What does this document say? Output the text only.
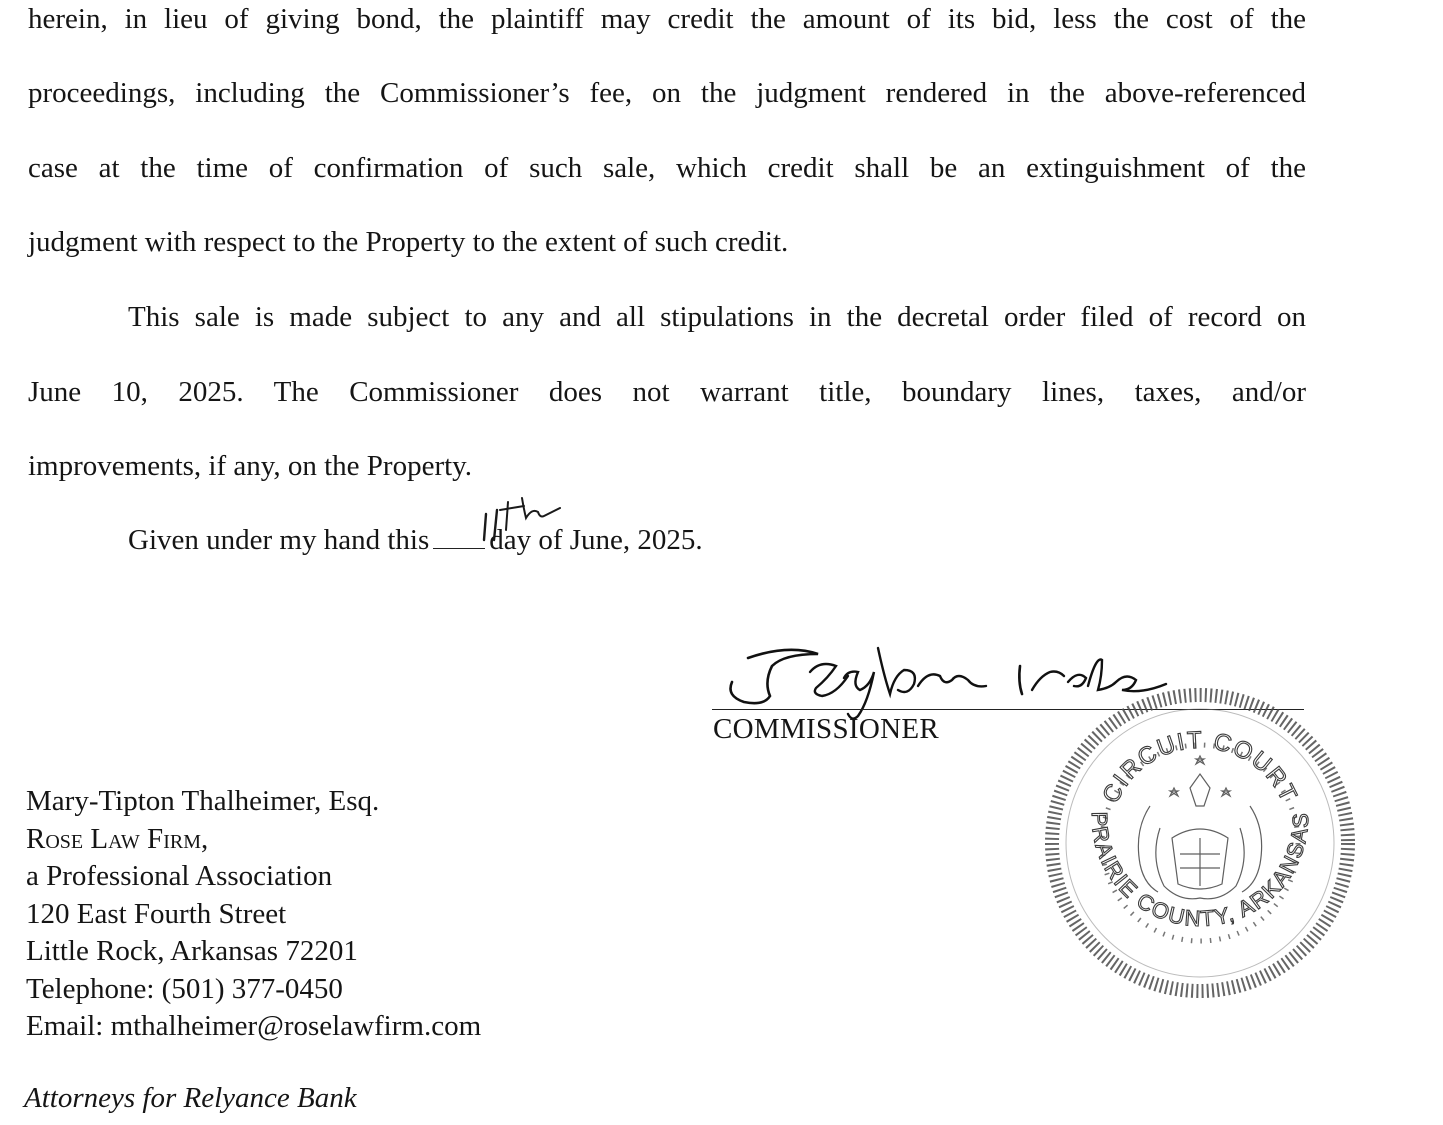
herein, in lieu of giving bond, the plaintiff may credit the amount of its bid, less the cost of the
proceedings, including the Commissioner’s fee, on the judgment rendered in the above-referenced
case at the time of confirmation of such sale, which credit shall be an extinguishment of the
judgment with respect to the Property to the extent of such credit.
This sale is made subject to any and all stipulations in the decretal order filed of record on
June 10, 2025. The Commissioner does not warrant title, boundary lines, taxes, and/or
improvements, if any, on the Property.
Given under my hand this day of June, 2025.
COMMISSIONER
CIRCUIT COURT
PRAIRIE COUNTY, ARKANSAS
Mary-Tipton Thalheimer, Esq.
Rose Law Firm,
a Professional Association
120 East Fourth Street
Little Rock, Arkansas 72201
Telephone: (501) 377-0450
Email: mthalheimer@roselawfirm.com
Attorneys for Relyance Bank
